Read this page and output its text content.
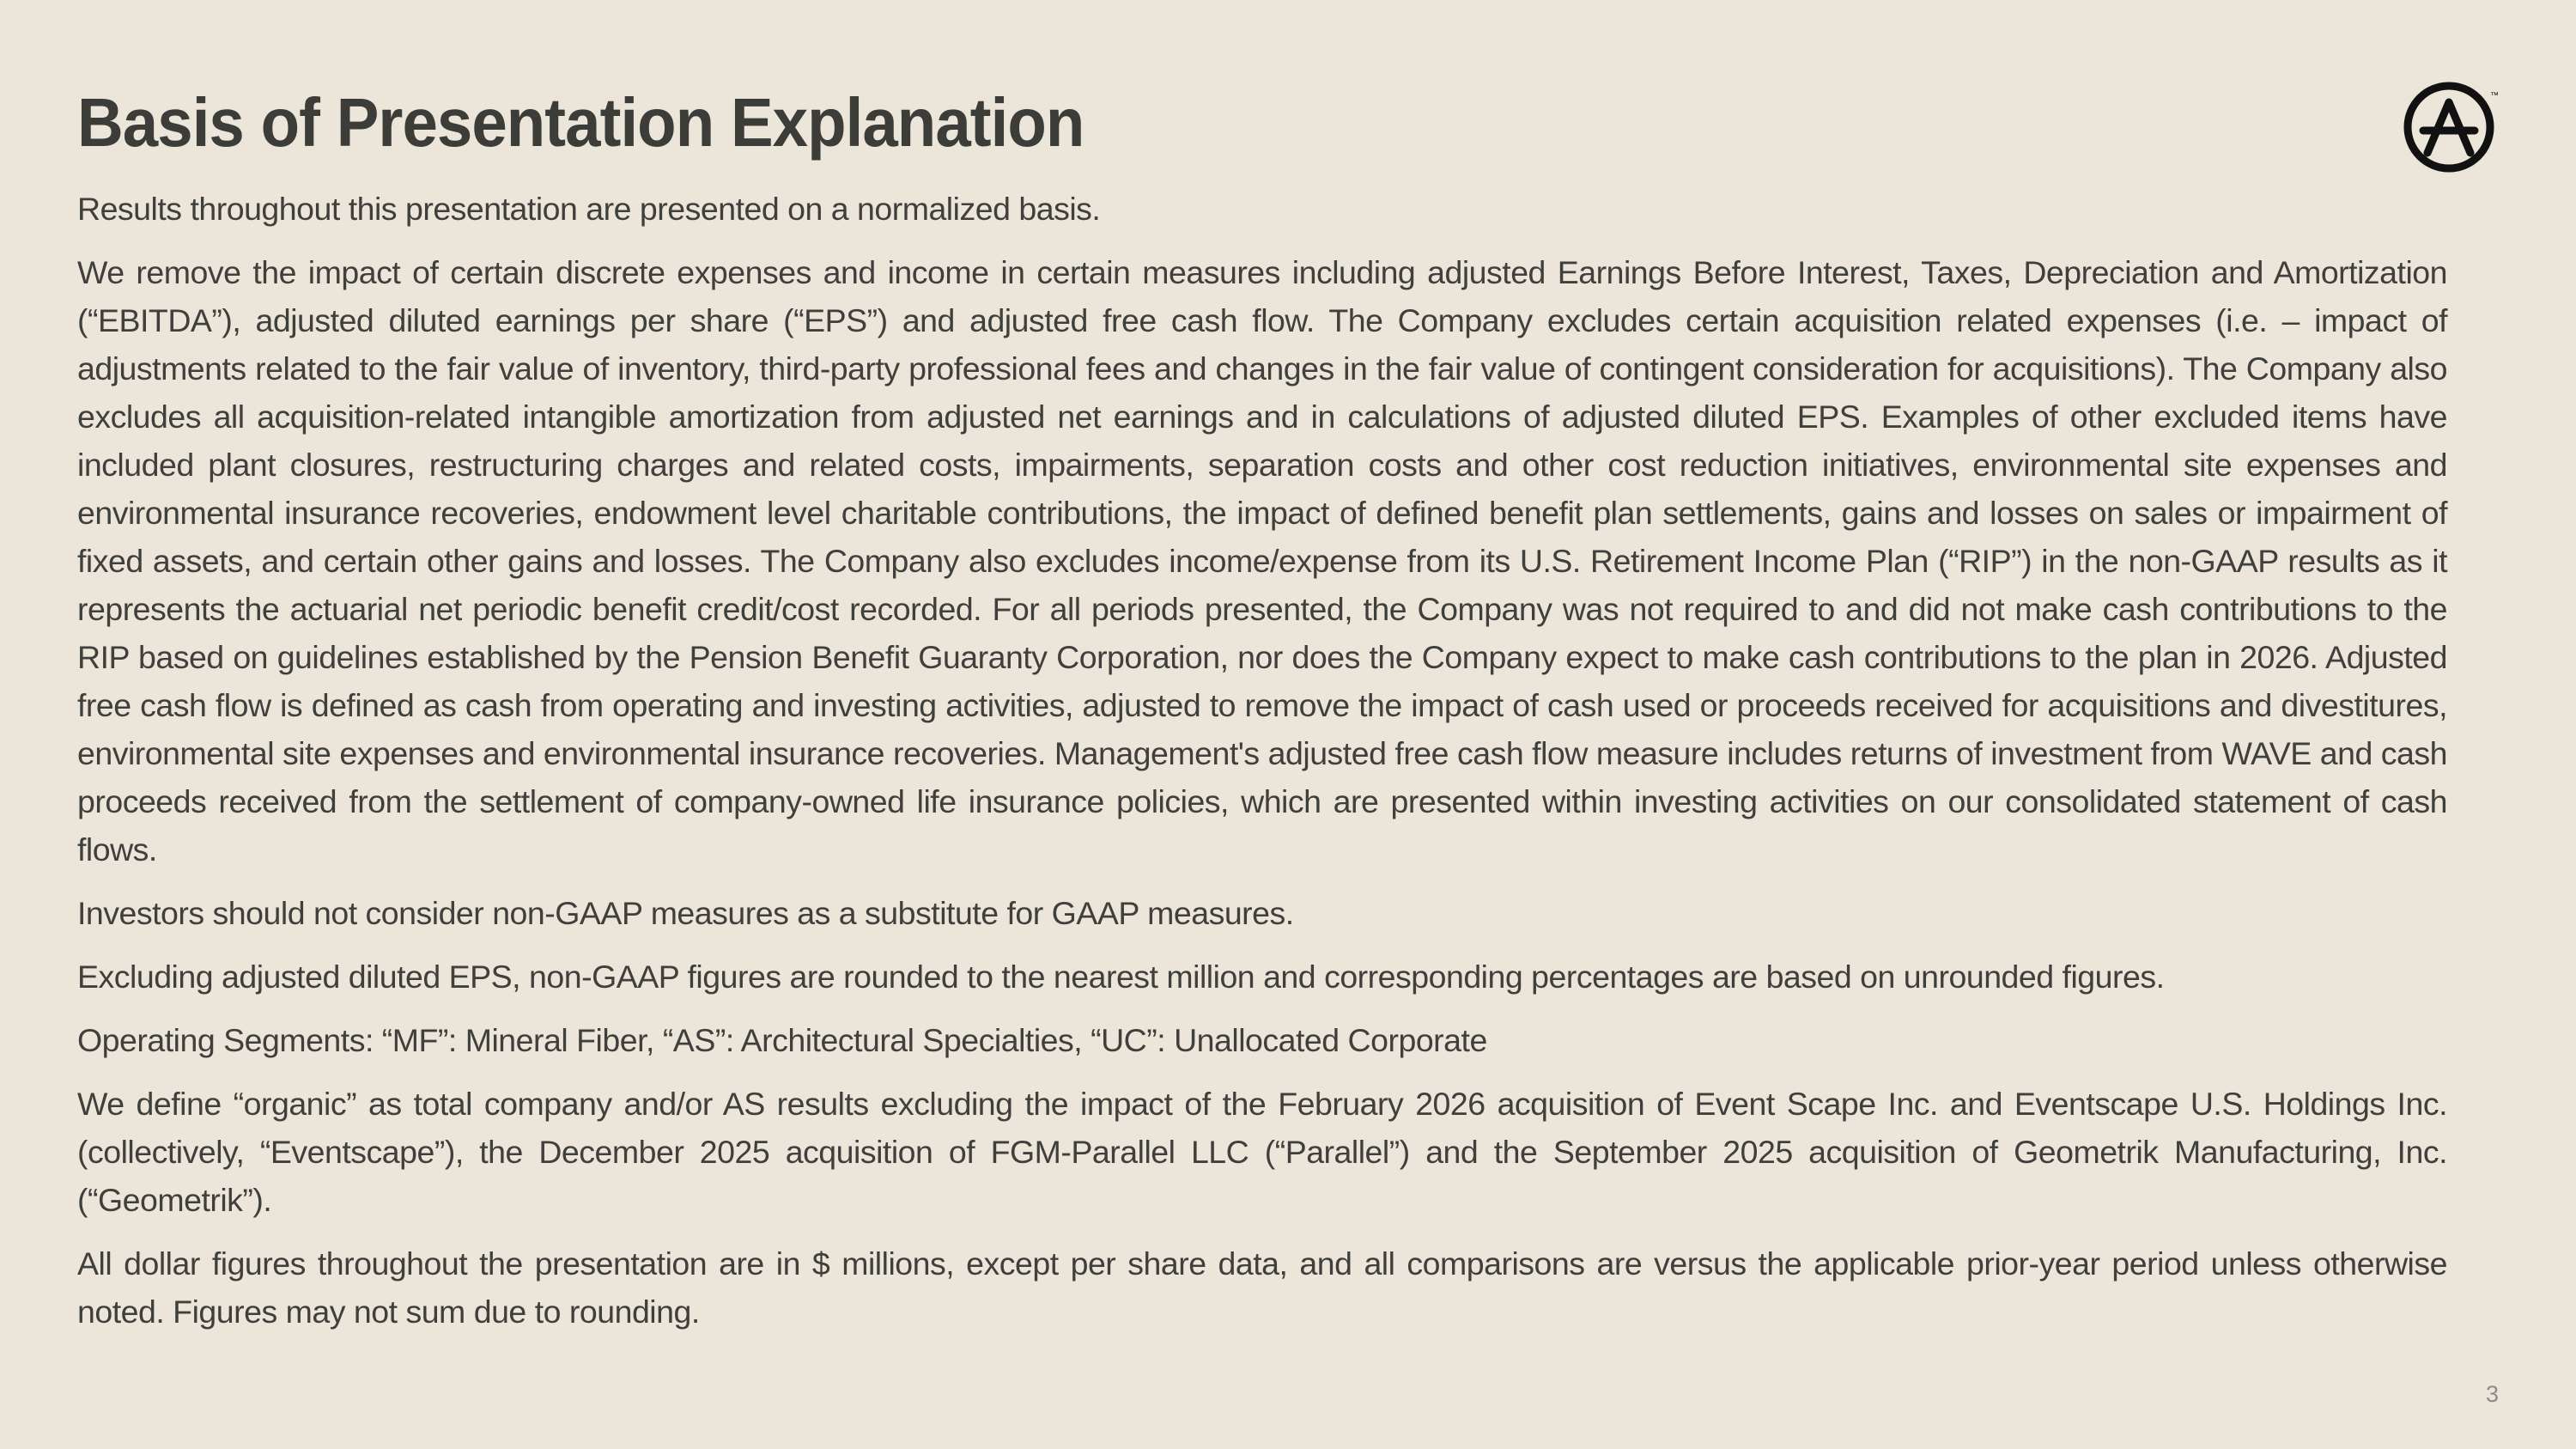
Basis of Presentation Explanation	™

Results throughout this presentation are presented on a normalized basis.

We remove the impact of certain discrete expenses and income in certain measures including adjusted Earnings Before Interest, Taxes, Depreciation and Amortization (“EBITDA”), adjusted diluted earnings per share (“EPS”) and adjusted free cash flow. The Company excludes certain acquisition related expenses (i.e. – impact of adjustments related to the fair value of inventory, third-party professional fees and changes in the fair value of contingent consideration for acquisitions). The Company also excludes all acquisition-related intangible amortization from adjusted net earnings and in calculations of adjusted diluted EPS. Examples of other excluded items have included plant closures, restructuring charges and related costs, impairments, separation costs and other cost reduction initiatives, environmental site expenses and environmental insurance recoveries, endowment level charitable contributions, the impact of defined benefit plan settlements, gains and losses on sales or impairment of fixed assets, and certain other gains and losses. The Company also excludes income/expense from its U.S. Retirement Income Plan (“RIP”) in the non-GAAP results as it represents the actuarial net periodic benefit credit/cost recorded. For all periods presented, the Company was not required to and did not make cash contributions to the RIP based on guidelines established by the Pension Benefit Guaranty Corporation, nor does the Company expect to make cash contributions to the plan in 2026. Adjusted free cash flow is defined as cash from operating and investing activities, adjusted to remove the impact of cash used or proceeds received for acquisitions and divestitures, environmental site expenses and environmental insurance recoveries. Management's adjusted free cash flow measure includes returns of investment from WAVE and cash proceeds received from the settlement of company-owned life insurance policies, which are presented within investing activities on our consolidated statement of cash flows.

Investors should not consider non-GAAP measures as a substitute for GAAP measures.

Excluding adjusted diluted EPS, non-GAAP figures are rounded to the nearest million and corresponding percentages are based on unrounded figures.

Operating Segments: “MF”: Mineral Fiber, “AS”: Architectural Specialties, “UC”: Unallocated Corporate

We define “organic” as total company and/or AS results excluding the impact of the February 2026 acquisition of Event Scape Inc. and Eventscape U.S. Holdings Inc. (collectively, “Eventscape”), the December 2025 acquisition of FGM-Parallel LLC (“Parallel”) and the September 2025 acquisition of Geometrik Manufacturing, Inc. (“Geometrik”).

All dollar figures throughout the presentation are in $ millions, except per share data, and all comparisons are versus the applicable prior-year period unless otherwise noted. Figures may not sum due to rounding.

3
